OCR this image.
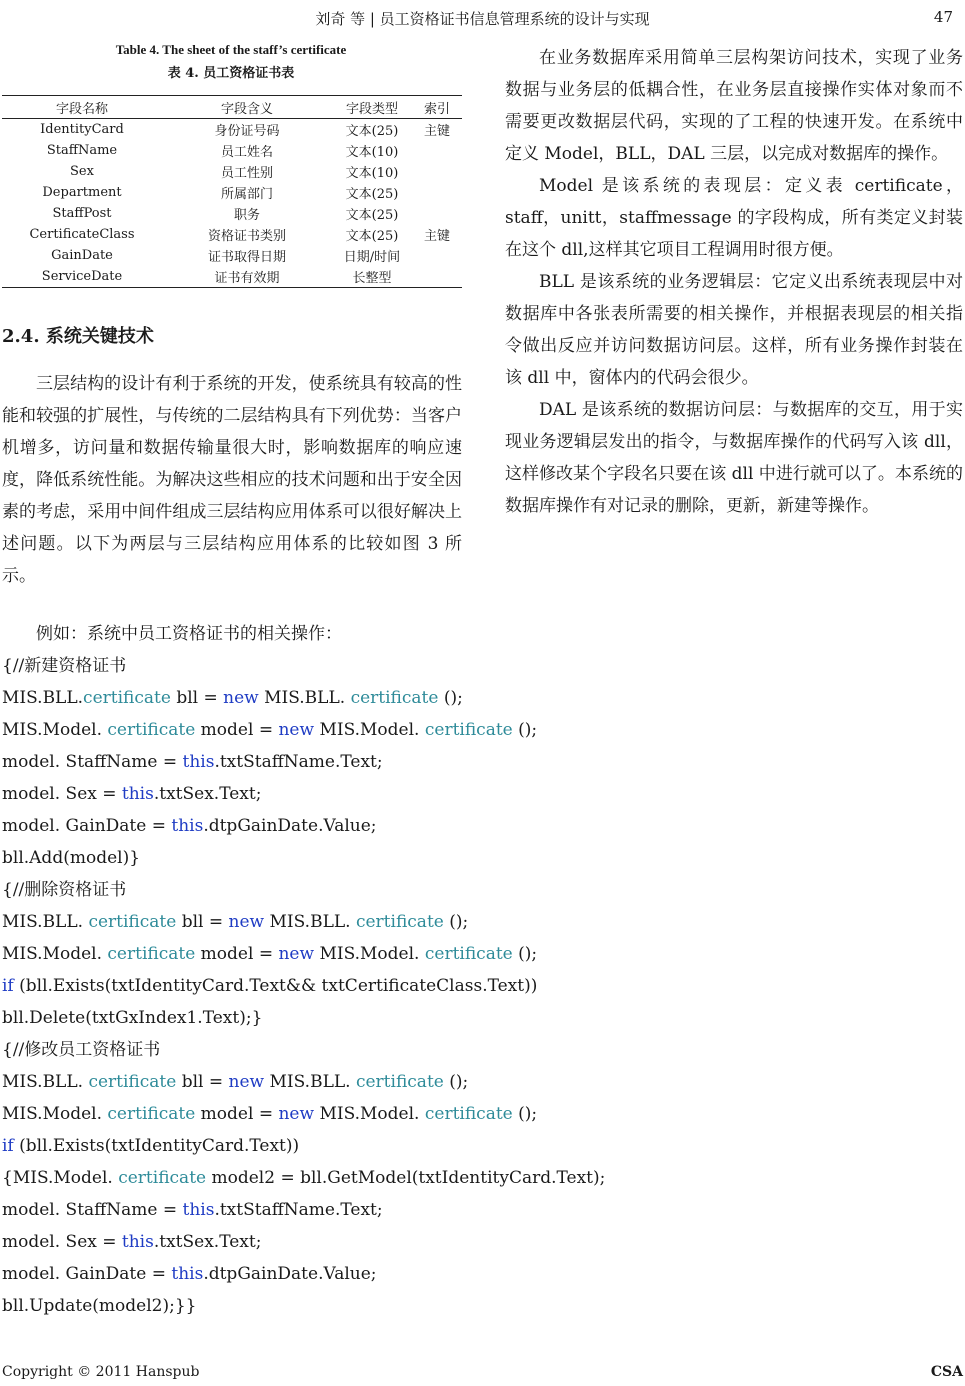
刘奇 等 | 员工资格证书信息管理系统的设计与实现	47
Table 4. The sheet of the staff’s certificate
表 4. 员工资格证书表
字段名称	字段含义	字段类型	索引
IdentityCard	身份证号码	文本(25)	主键
StaffName	员工姓名	文本(10)	
Sex	员工性别	文本(10)	
Department	所属部门	文本(25)	
StaffPost	职务	文本(25)	
CertificateClass	资格证书类别	文本(25)	主键
GainDate	证书取得日期	日期/时间	
ServiceDate	证书有效期	长整型	
2.4. 系统关键技术

三层结构的设计有利于系统的开发，使系统具有较高的性能和较强的扩展性，与传统的二层结构具有下列优势：当客户机增多，访问量和数据传输量很大时，影响数据库的响应速度，降低系统性能。为解决这些相应的技术问题和出于安全因素的考虑，采用中间件组成三层结构应用体系可以很好解决上述问题。以下为两层与三层结构应用体系的比较如图 3 所示。

在业务数据库采用简单三层构架访问技术，实现了业务数据与业务层的低耦合性，在业务层直接操作实体对象而不需要更改数据层代码，实现的了工程的快速开发。在系统中定义 Model，BLL，DAL 三层，以完成对数据库的操作。

Model 是该系统的表现层：定义表 certificate，staff，unitt，staffmessage 的字段构成，所有类定义封装在这个 dll,这样其它项目工程调用时很方便。

BLL 是该系统的业务逻辑层：它定义出系统表现层中对数据库中各张表所需要的相关操作，并根据表现层的相关指令做出反应并访问数据访问层。这样，所有业务操作封装在该 dll 中，窗体内的代码会很少。

DAL 是该系统的数据访问层：与数据库的交互，用于实现业务逻辑层发出的指令，与数据库操作的代码写入该 dll，这样修改某个字段名只要在该 dll 中进行就可以了。本系统的数据库操作有对记录的删除，更新，新建等操作。

例如：系统中员工资格证书的相关操作：
{//新建资格证书
MIS.BLL.certificate bll = new MIS.BLL. certificate ();
MIS.Model. certificate model = new MIS.Model. certificate ();
model. StaffName = this.txtStaffName.Text;
model. Sex = this.txtSex.Text;
model. GainDate = this.dtpGainDate.Value;
bll.Add(model)}
{//删除资格证书
MIS.BLL. certificate bll = new MIS.BLL. certificate ();
MIS.Model. certificate model = new MIS.Model. certificate ();
if (bll.Exists(txtIdentityCard.Text&& txtCertificateClass.Text))
bll.Delete(txtGxIndex1.Text);}
{//修改员工资格证书
MIS.BLL. certificate bll = new MIS.BLL. certificate ();
MIS.Model. certificate model = new MIS.Model. certificate ();
if (bll.Exists(txtIdentityCard.Text))
{MIS.Model. certificate model2 = bll.GetModel(txtIdentityCard.Text);
model. StaffName = this.txtStaffName.Text;
model. Sex = this.txtSex.Text;
model. GainDate = this.dtpGainDate.Value;
bll.Update(model2);}}
Copyright © 2011 Hanspub	CSA
